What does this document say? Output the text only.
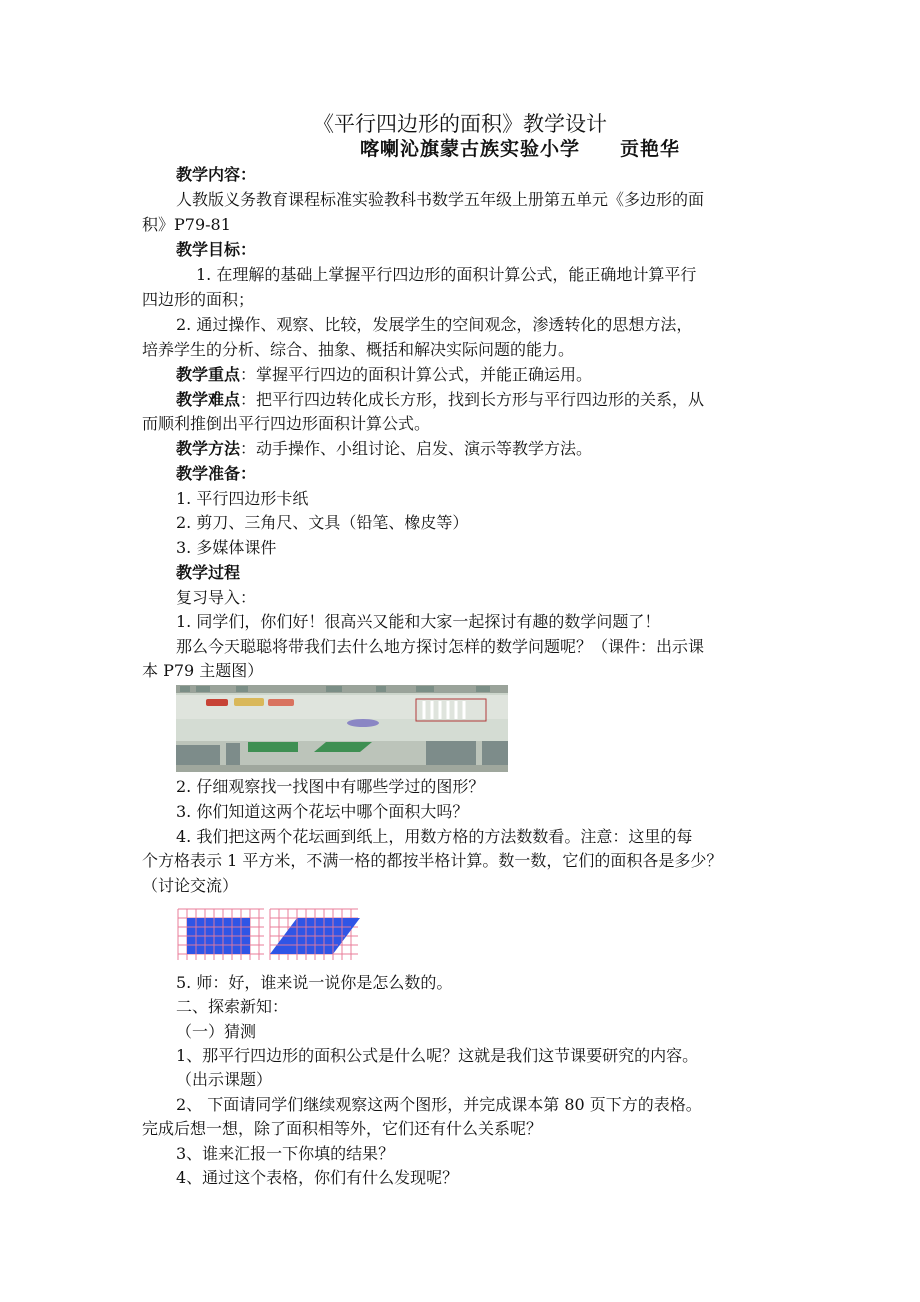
《平行四边形的面积》教学设计
喀喇沁旗蒙古族实验小学 贡艳华
教学内容：
人教版义务教育课程标准实验教科书数学五年级上册第五单元《多边形的面
积》P79-81
教学目标：
1. 在理解的基础上掌握平行四边形的面积计算公式，能正确地计算平行
四边形的面积；
2. 通过操作、观察、比较，发展学生的空间观念，渗透转化的思想方法，
培养学生的分析、综合、抽象、概括和解决实际问题的能力。
教学重点：掌握平行四边的面积计算公式，并能正确运用。
教学难点：把平行四边转化成长方形，找到长方形与平行四边形的关系，从
而顺利推倒出平行四边形面积计算公式。
教学方法：动手操作、小组讨论、启发、演示等教学方法。
教学准备：
1. 平行四边形卡纸
2. 剪刀、三角尺、文具（铅笔、橡皮等）
3. 多媒体课件
教学过程
复习导入：
1. 同学们，你们好！很高兴又能和大家一起探讨有趣的数学问题了！
那么今天聪聪将带我们去什么地方探讨怎样的数学问题呢？（课件：出示课
本 P79 主题图）
2. 仔细观察找一找图中有哪些学过的图形？
3. 你们知道这两个花坛中哪个面积大吗？
4. 我们把这两个花坛画到纸上，用数方格的方法数数看。注意：这里的每
个方格表示 1 平方米，不满一格的都按半格计算。数一数，它们的面积各是多少？
（讨论交流）
5. 师：好，谁来说一说你是怎么数的。
二、探索新知：
（一）猜测
1、那平行四边形的面积公式是什么呢？这就是我们这节课要研究的内容。
（出示课题）
2、 下面请同学们继续观察这两个图形，并完成课本第 80 页下方的表格。
完成后想一想，除了面积相等外，它们还有什么关系呢？
3、谁来汇报一下你填的结果？
4、通过这个表格，你们有什么发现呢？
